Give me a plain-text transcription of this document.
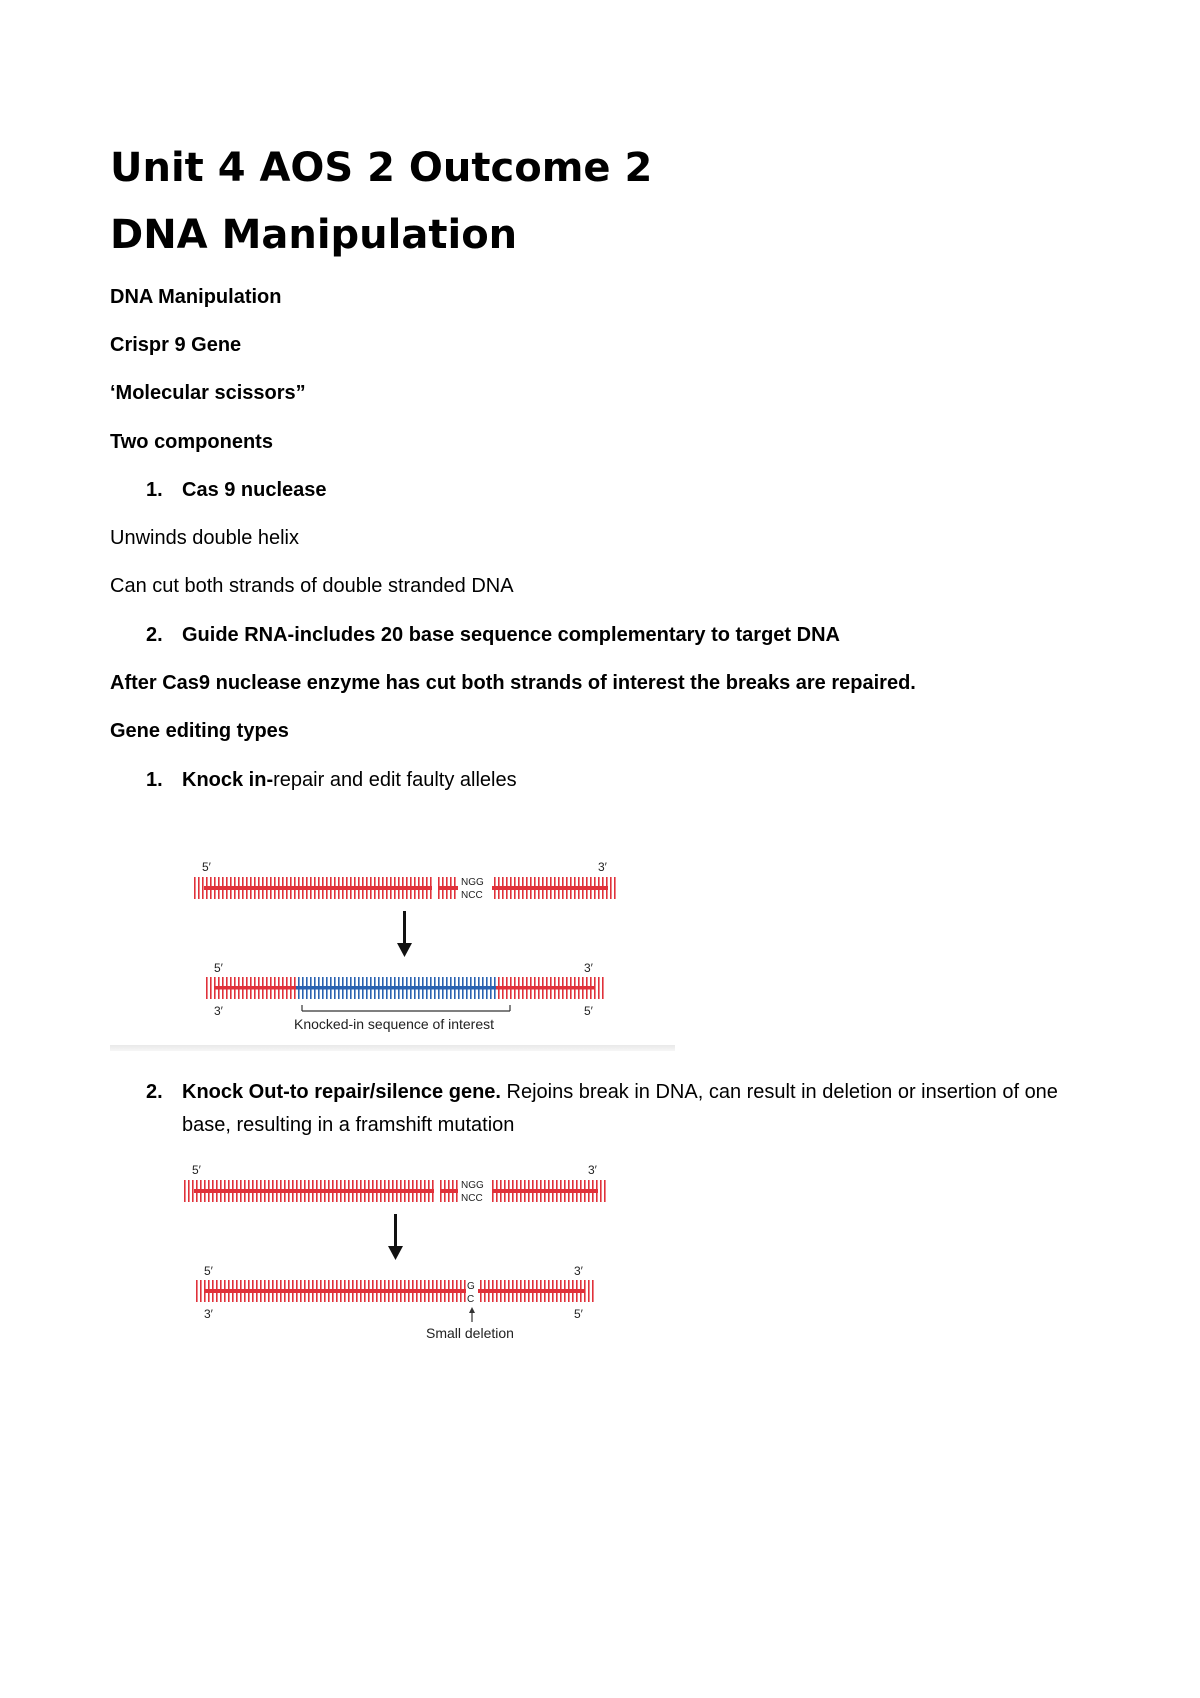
Unit 4 AOS 2 Outcome 2
DNA Manipulation
DNA Manipulation
Crispr 9 Gene
‘Molecular scissors”
Two components
1. Cas 9 nuclease
Unwinds double helix
Can cut both strands of double stranded DNA
2. Guide RNA-includes 20 base sequence complementary to target DNA
After Cas9 nuclease enzyme has cut both strands of interest the breaks are repaired.
Gene editing types
1. Knock in-repair and edit faulty alleles
5′	3′
NGG
NCC
5′	3′
3′	5′
Knocked-in sequence of interest
2. Knock Out-to repair/silence gene. Rejoins break in DNA, can result in deletion or insertion of one base, resulting in a framshift mutation
5′	3′
NGG
NCC
5′	3′
G
C
3′	5′
Small deletion
